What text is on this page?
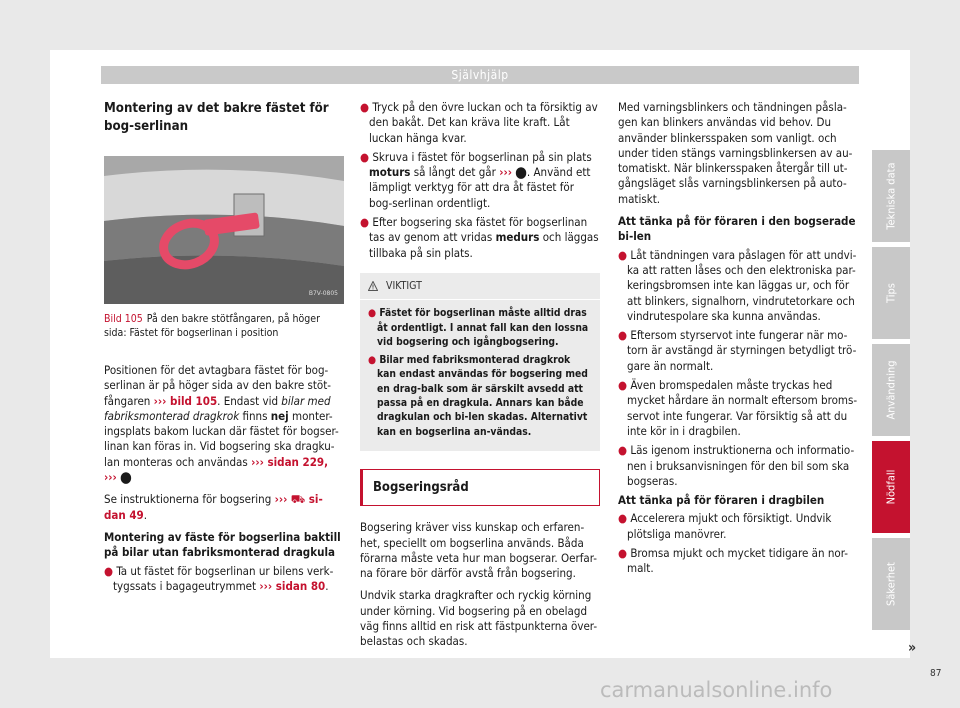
Självhjälp
Montering av det bakre fästet för bog-serlinan
B7V-0805
Bild 105 På den bakre stötfångaren, på höger sida: Fästet för bogserlinan i position

Positionen för det avtagbara fästet för bog-serlinan är på höger sida av den bakre stöt-fångaren ››› bild 105. Endast vid bilar med fabriksmonterad dragkrok finns nej monter-ingsplats bakom luckan där fästet för bogser-linan kan föras in. Vid bogsering ska dragku-lan monteras och användas ››› sidan 229,
››› ⬤

Se instruktionerna för bogsering ››› ⛟ si-dan 49.

Montering av fäste för bogserlina baktill på bilar utan fabriksmonterad dragkula

● Ta ut fästet för bogserlinan ur bilens verk-tygssats i bagageutrymmet ››› sidan 80.

● Tryck på den övre luckan och ta försiktig av den bakåt. Det kan kräva lite kraft. Låt luckan hänga kvar.

● Skruva i fästet för bogserlinan på sin plats moturs så långt det går ››› ⬤. Använd ett lämpligt verktyg för att dra åt fästet för bog-serlinan ordentligt.

● Efter bogsering ska fästet för bogserlinan tas av genom att vridas medurs och läggas tillbaka på sin plats.

VIKTIGT

● Fästet för bogserlinan måste alltid dras åt ordentligt. I annat fall kan den lossna vid bogsering och igångbogsering.

● Bilar med fabriksmonterad dragkrok kan endast användas för bogsering med en drag-balk som är särskilt avsedd att passa på en dragkula. Annars kan både dragkulan och bi-len skadas. Alternativt kan en bogserlina an-vändas.

Bogseringsråd

Bogsering kräver viss kunskap och erfaren-het, speciellt om bogserlina används. Båda förarna måste veta hur man bogserar. Oerfar-na förare bör därför avstå från bogsering.

Undvik starka dragkrafter och ryckig körning under körning. Vid bogsering på en obelagd väg finns alltid en risk att fästpunkterna över-belastas och skadas.

Med varningsblinkers och tändningen påsla-gen kan blinkers användas vid behov. Du använder blinkersspaken som vanligt. och under tiden stängs varningsblinkersen av au-tomatiskt. När blinkersspaken återgår till ut-gångsläget slås varningsblinkersen på auto-matiskt.

Att tänka på för föraren i den bogserade bi-len

● Låt tändningen vara påslagen för att undvi-ka att ratten låses och den elektroniska par-keringsbromsen inte kan läggas ur, och för att blinkers, signalhorn, vindrutetorkare och vindrutespolare ska kunna användas.

● Eftersom styrservot inte fungerar när mo-torn är avstängd är styrningen betydligt trö-gare än normalt.

● Även bromspedalen måste tryckas hed mycket hårdare än normalt eftersom broms-servot inte fungerar. Var försiktig så att du inte kör in i dragbilen.

● Läs igenom instruktionerna och informatio-nen i bruksanvisningen för den bil som ska bogseras.

Att tänka på för föraren i dragbilen

● Accelerera mjukt och försiktigt. Undvik plötsliga manövrer.

● Bromsa mjukt och mycket tidigare än nor-malt.

»
87
Tekniska data
Tips
Användning
Nödfall
Säkerhet
carmanualsonline.info
